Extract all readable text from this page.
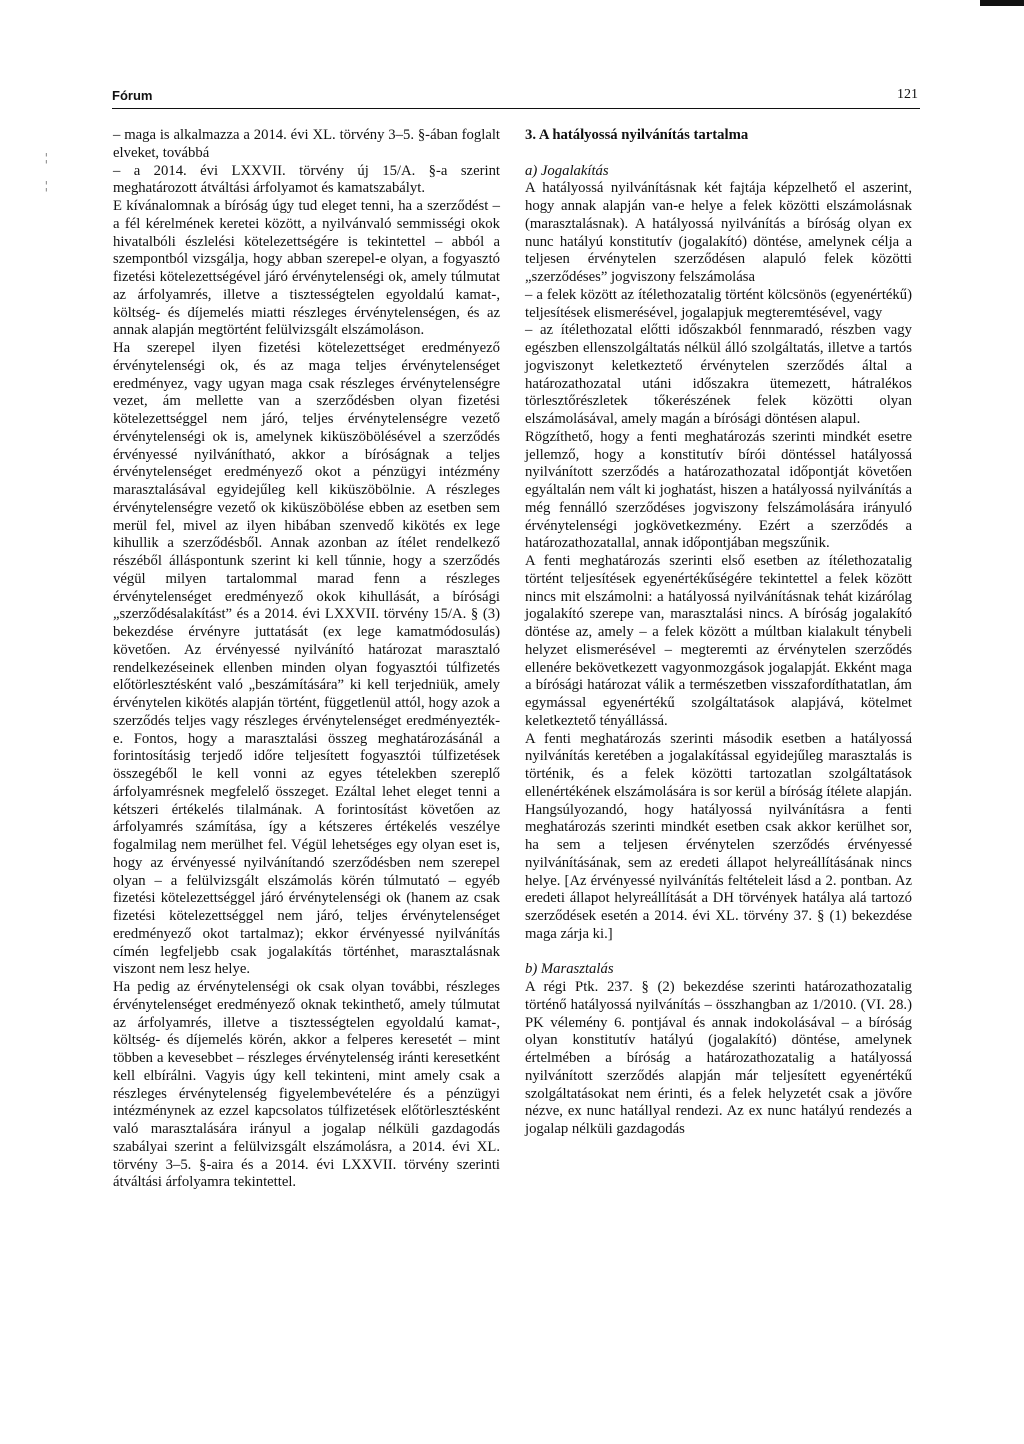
Fórum	121
¦
¦

– maga is alkalmazza a 2014. évi XL. törvény 3–5. §-ában foglalt elveket, továbbá

– a 2014. évi LXXVII. törvény új 15/A. §-a szerint meghatározott átváltási árfolyamot és kamatszabályt.

E kívánalomnak a bíróság úgy tud eleget tenni, ha a szerződést – a fél kérelmének keretei között, a nyilvánvaló semmisségi okok hivatalbóli észlelési kötelezettségére is tekintettel – abból a szempontból vizsgálja, hogy abban szerepel-e olyan, a fogyasztó fizetési kötelezettségével járó érvénytelenségi ok, amely túlmutat az árfolyamrés, illetve a tisztességtelen egyoldalú kamat-, költség- és díjemelés miatti részleges érvénytelenségen, és az annak alapján megtörtént felülvizsgált elszámoláson.

Ha szerepel ilyen fizetési kötelezettséget eredményező érvénytelenségi ok, és az maga teljes érvénytelenséget eredményez, vagy ugyan maga csak részleges érvénytelenségre vezet, ám mellette van a szerződésben olyan fizetési kötelezettséggel nem járó, teljes érvénytelenségre vezető érvénytelenségi ok is, amelynek kiküszöbölésével a szerződés érvényessé nyilvánítható, akkor a bíróságnak a teljes érvénytelenséget eredményező okot a pénzügyi intézmény marasztalásával egyidejűleg kell kiküszöbölnie. A részleges érvénytelenségre vezető ok kiküszöbölése ebben az esetben sem merül fel, mivel az ilyen hibában szenvedő kikötés ex lege kihullik a szerződésből. Annak azonban az ítélet rendelkező részéből álláspontunk szerint ki kell tűnnie, hogy a szerződés végül milyen tartalommal marad fenn a részleges érvénytelenséget eredményező okok kihullását, a bírósági „szerződésalakítást” és a 2014. évi LXXVII. törvény 15/A. § (3) bekezdése érvényre juttatását (ex lege kamatmódosulás) követően. Az érvényessé nyilvánító határozat marasztaló rendelkezéseinek ellenben minden olyan fogyasztói túlfizetés előtörlesztésként való „beszámítására” ki kell terjedniük, amely érvénytelen kikötés alapján történt, függetlenül attól, hogy azok a szerződés teljes vagy részleges érvénytelenséget eredményezték-e. Fontos, hogy a marasztalási összeg meghatározásánál a forintosításig terjedő időre teljesített fogyasztói túlfizetések összegéből le kell vonni az egyes tételekben szereplő árfolyamrésnek megfelelő összeget. Ezáltal lehet eleget tenni a kétszeri értékelés tilalmának. A forintosítást követően az árfolyamrés számítása, így a kétszeres értékelés veszélye fogalmilag nem merülhet fel. Végül lehetséges egy olyan eset is, hogy az érvényessé nyilvánítandó szerződésben nem szerepel olyan – a felülvizsgált elszámolás körén túlmutató – egyéb fizetési kötelezettséggel járó érvénytelenségi ok (hanem az csak fizetési kötelezettséggel nem járó, teljes érvénytelenséget eredményező okot tartalmaz); ekkor érvényessé nyilvánítás címén legfeljebb csak jogalakítás történhet, marasztalásnak viszont nem lesz helye.

Ha pedig az érvénytelenségi ok csak olyan további, részleges érvénytelenséget eredményező oknak tekinthető, amely túlmutat az árfolyamrés, illetve a tisztességtelen egyoldalú kamat-, költség- és díjemelés körén, akkor a felperes keresetét – mint többen a kevesebbet – részleges érvénytelenség iránti keresetként kell elbírálni. Vagyis úgy kell tekinteni, mint amely csak a részleges érvénytelenség figyelembevételére és a pénzügyi intézménynek az ezzel kapcsolatos túlfizetések előtörlesztésként való marasztalására irányul a jogalap nélküli gazdagodás szabályai szerint a felülvizsgált elszámolásra, a 2014. évi XL. törvény 3–5. §-aira és a 2014. évi LXXVII. törvény szerinti átváltási árfolyamra tekintettel.

3. A hatályossá nyilvánítás tartalma

a) Jogalakítás

A hatályossá nyilvánításnak két fajtája képzelhető el aszerint, hogy annak alapján van-e helye a felek közötti elszámolásnak (marasztalásnak). A hatályossá nyilvánítás a bíróság olyan ex nunc hatályú konstitutív (jogalakító) döntése, amelynek célja a teljesen érvénytelen szerződésen alapuló felek közötti „szerződéses” jogviszony felszámolása

– a felek között az ítélethozatalig történt kölcsönös (egyenértékű) teljesítések elismerésével, jogalapjuk megteremtésével, vagy

– az ítélethozatal előtti időszakból fennmaradó, részben vagy egészben ellenszolgáltatás nélkül álló szolgáltatás, illetve a tartós jogviszonyt keletkeztető érvénytelen szerződés által a határozathozatal utáni időszakra ütemezett, hátralékos törlesztőrészletek tőkerészének felek közötti olyan elszámolásával, amely magán a bírósági döntésen alapul.

Rögzíthető, hogy a fenti meghatározás szerinti mindkét esetre jellemző, hogy a konstitutív bírói döntéssel hatályossá nyilvánított szerződés a határozathozatal időpontját követően egyáltalán nem vált ki joghatást, hiszen a hatályossá nyilvánítás a még fennálló szerződéses jogviszony felszámolására irányuló érvénytelenségi jogkövetkezmény. Ezért a szerződés a határozathozatallal, annak időpontjában megszűnik.

A fenti meghatározás szerinti első esetben az ítélethozatalig történt teljesítések egyenértékűségére tekintettel a felek között nincs mit elszámolni: a hatályossá nyilvánításnak tehát kizárólag jogalakító szerepe van, marasztalási nincs. A bíróság jogalakító döntése az, amely – a felek között a múltban kialakult ténybeli helyzet elismerésével – megteremti az érvénytelen szerződés ellenére bekövetkezett vagyonmozgások jogalapját. Ekként maga a bírósági határozat válik a természetben visszafordíthatatlan, ám egymással egyenértékű szolgáltatások alapjává, kötelmet keletkeztető tényállássá.

A fenti meghatározás szerinti második esetben a hatályossá nyilvánítás keretében a jogalakítással egyidejűleg marasztalás is történik, és a felek közötti tartozatlan szolgáltatások ellenértékének elszámolására is sor kerül a bíróság ítélete alapján.

Hangsúlyozandó, hogy hatályossá nyilvánításra a fenti meghatározás szerinti mindkét esetben csak akkor kerülhet sor, ha sem a teljesen érvénytelen szerződés érvényessé nyilvánításának, sem az eredeti állapot helyreállításának nincs helye. [Az érvényessé nyilvánítás feltételeit lásd a 2. pontban. Az eredeti állapot helyreállítását a DH törvények hatálya alá tartozó szerződések esetén a 2014. évi XL. törvény 37. § (1) bekezdése maga zárja ki.]

b) Marasztalás

A régi Ptk. 237. § (2) bekezdése szerinti határozathozatalig történő hatályossá nyilvánítás – összhangban az 1/2010. (VI. 28.) PK vélemény 6. pontjával és annak indokolásával – a bíróság olyan konstitutív hatályú (jogalakító) döntése, amelynek értelmében a bíróság a határozathozatalig a hatályossá nyilvánított szerződés alapján már teljesített egyenértékű szolgáltatásokat nem érinti, és a felek helyzetét csak a jövőre nézve, ex nunc hatállyal rendezi. Az ex nunc hatályú rendezés a jogalap nélküli gazdagodás
